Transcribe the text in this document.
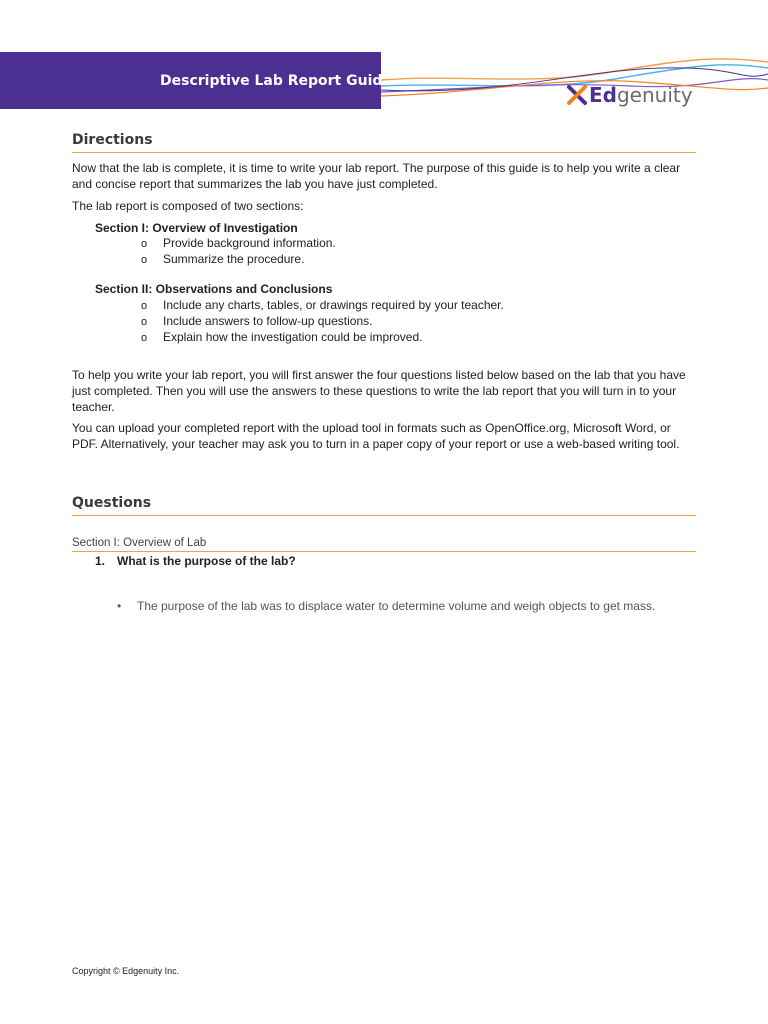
Descriptive Lab Report Guide
Edgenuity
Directions
Now that the lab is complete, it is time to write your lab report. The purpose of this guide is to help you write a clear and concise report that summarizes the lab you have just completed.
The lab report is composed of two sections:
Section I: Overview of Investigation
o Provide background information.
o Summarize the procedure.
Section II: Observations and Conclusions
o Include any charts, tables, or drawings required by your teacher.
o Include answers to follow-up questions.
o Explain how the investigation could be improved.
To help you write your lab report, you will first answer the four questions listed below based on the lab that you have just completed. Then you will use the answers to these questions to write the lab report that you will turn in to your teacher.
You can upload your completed report with the upload tool in formats such as OpenOffice.org, Microsoft Word, or PDF. Alternatively, your teacher may ask you to turn in a paper copy of your report or use a web-based writing tool.
Questions
Section I: Overview of Lab
1. What is the purpose of the lab?
• The purpose of the lab was to displace water to determine volume and weigh objects to get mass.
Copyright © Edgenuity Inc.
